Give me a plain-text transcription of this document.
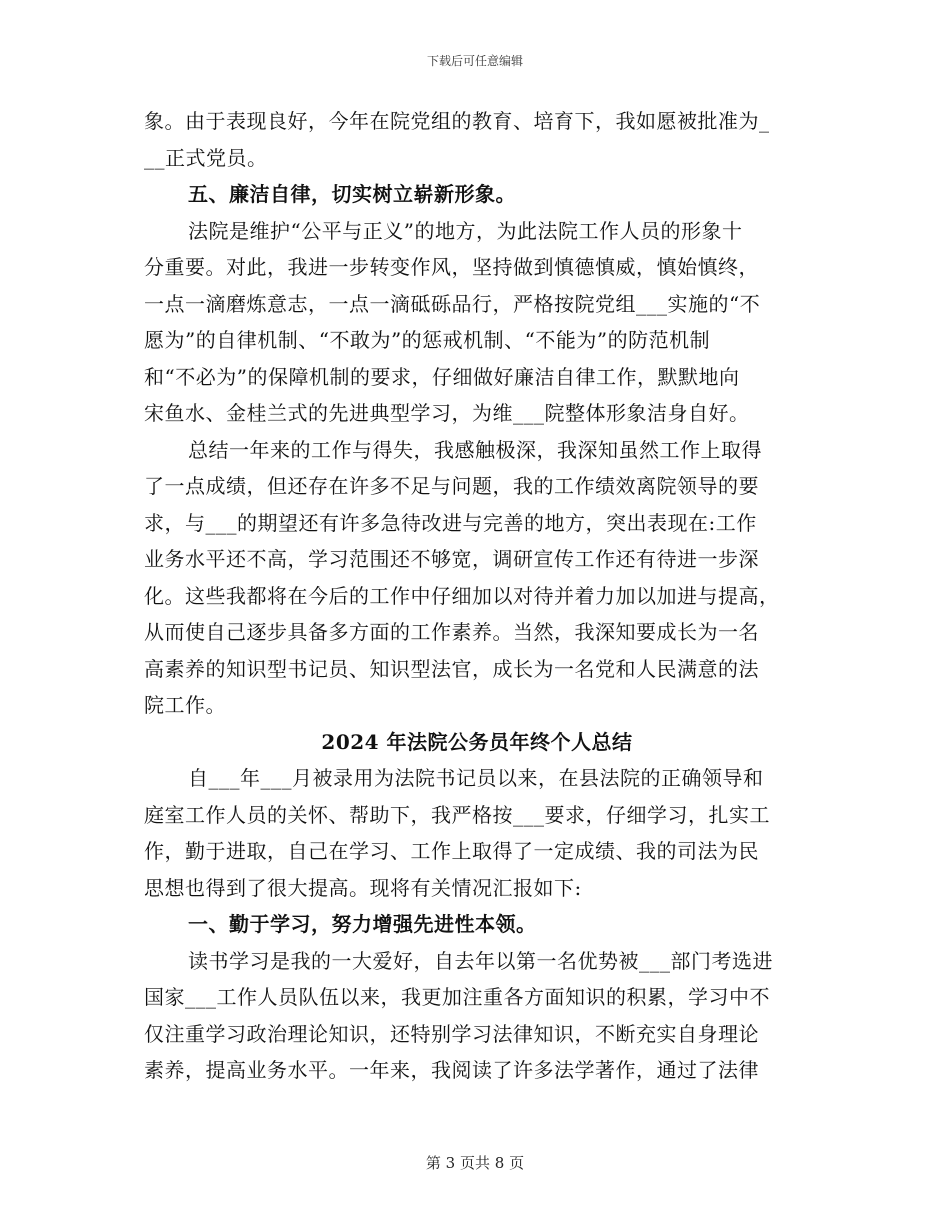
下载后可任意编辑
象。由于表现良好，今年在院党组的教育、培育下，我如愿被批准为_
__正式党员。
五、廉洁自律，切实树立崭新形象。
法院是维护“公平与正义”的地方，为此法院工作人员的形象十
分重要。对此，我进一步转变作风，坚持做到慎德慎威，慎始慎终，
一点一滴磨炼意志，一点一滴砥砾品行，严格按院党组___实施的“不
愿为”的自律机制、“不敢为”的惩戒机制、“不能为”的防范机制
和“不必为”的保障机制的要求，仔细做好廉洁自律工作，默默地向
宋鱼水、金桂兰式的先进典型学习，为维___院整体形象洁身自好。
总结一年来的工作与得失，我感触极深，我深知虽然工作上取得
了一点成绩，但还存在许多不足与问题，我的工作绩效离院领导的要
求，与___的期望还有许多急待改进与完善的地方，突出表现在:工作
业务水平还不高，学习范围还不够宽，调研宣传工作还有待进一步深
化。这些我都将在今后的工作中仔细加以对待并着力加以加进与提高，
从而使自己逐步具备多方面的工作素养。当然，我深知要成长为一名
高素养的知识型书记员、知识型法官，成长为一名党和人民满意的法
院工作。
2024 年法院公务员年终个人总结
自___年___月被录用为法院书记员以来，在县法院的正确领导和
庭室工作人员的关怀、帮助下，我严格按___要求，仔细学习，扎实工
作，勤于进取，自己在学习、工作上取得了一定成绩、我的司法为民
思想也得到了很大提高。现将有关情况汇报如下:
一、勤于学习，努力增强先进性本领。
读书学习是我的一大爱好，自去年以第一名优势被___部门考选进
国家___工作人员队伍以来，我更加注重各方面知识的积累，学习中不
仅注重学习政治理论知识，还特别学习法律知识，不断充实自身理论
素养，提高业务水平。一年来，我阅读了许多法学著作，通过了法律
第 3 页共 8 页
